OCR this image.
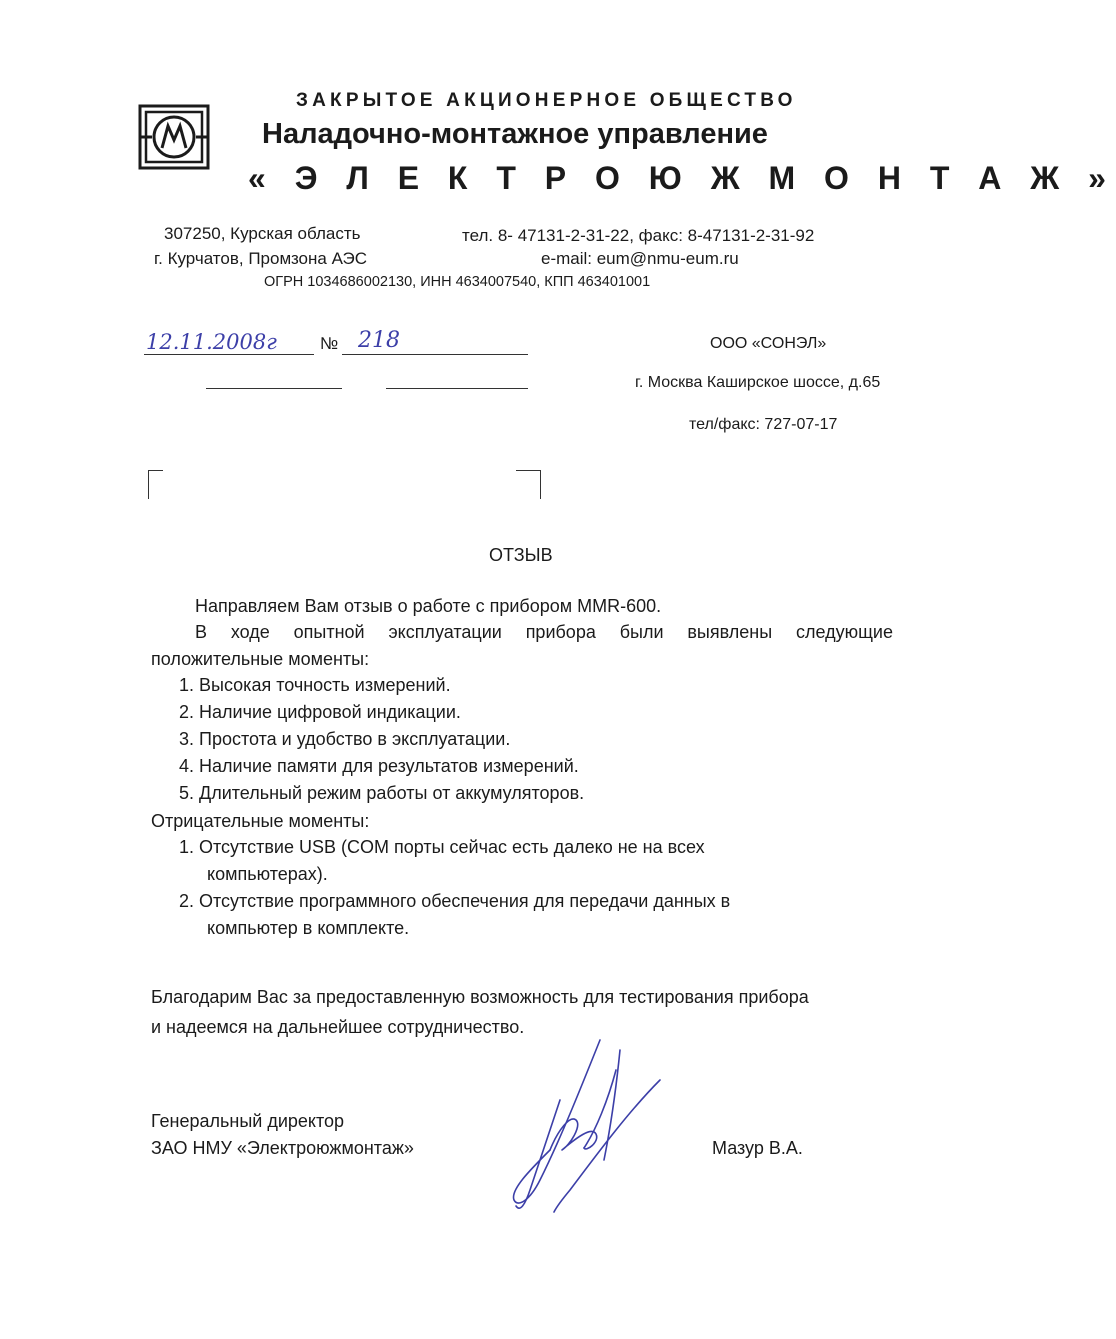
ЗАКРЫТОЕ АКЦИОНЕРНОЕ ОБЩЕСТВО
Наладочно-монтажное управление
« Э Л Е К Т Р О Ю Ж М О Н Т А Ж »
307250, Курская область
г. Курчатов, Промзона АЭС
тел. 8- 47131-2-31-22, факс: 8-47131-2-31-92
e-mail: eum@nmu-eum.ru
ОГРН 1034686002130, ИНН 4634007540, КПП 463401001
12.11.2008г	№ 218	ООО «СОНЭЛ»
г. Москва Каширское шоссе, д.65
тел/факс: 727-07-17
ОТЗЫВ
Направляем Вам отзыв о работе с прибором MMR-600.
В ходе опытной эксплуатации прибора были выявлены следующие
положительные моменты:
1. Высокая точность измерений.
2. Наличие цифровой индикации.
3. Простота и удобство в эксплуатации.
4. Наличие памяти для результатов измерений.
5. Длительный режим работы от аккумуляторов.
Отрицательные моменты:
1. Отсутствие USB (COM порты сейчас есть далеко не на всех
компьютерах).
2. Отсутствие программного обеспечения для передачи данных в
компьютер в комплекте.
Благодарим Вас за предоставленную возможность для тестирования прибора
и надеемся на дальнейшее сотрудничество.
Генеральный директор
ЗАО НМУ «Электроюжмонтаж»	Мазур В.А.
